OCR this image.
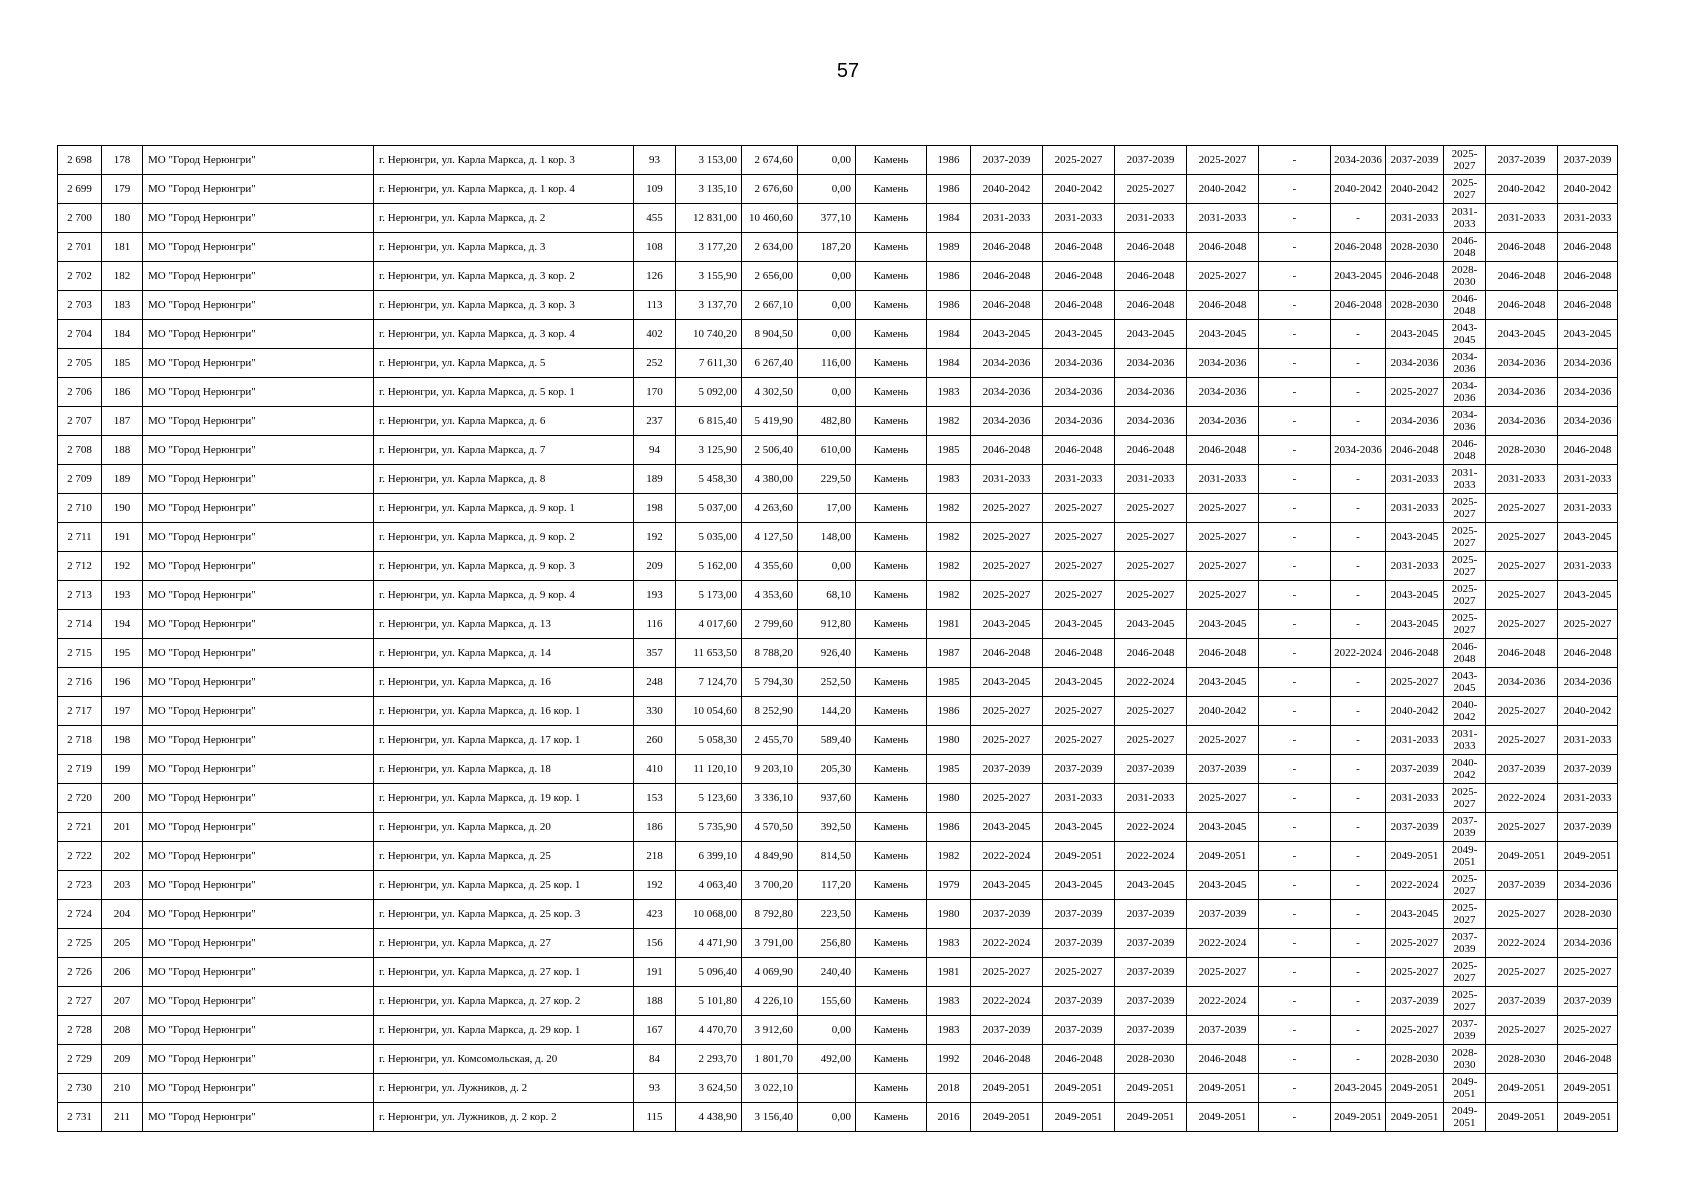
57
2 698	178	МО "Город Нерюнгри"	г. Нерюнгри, ул. Карла Маркса, д. 1 кор. 3	93	3 153,00	2 674,60	0,00	Камень	1986	2037-2039	2025-2027	2037-2039	2025-2027	-	2034-2036	2037-2039	2025-2027	2037-2039	2037-2039
2 699	179	МО "Город Нерюнгри"	г. Нерюнгри, ул. Карла Маркса, д. 1 кор. 4	109	3 135,10	2 676,60	0,00	Камень	1986	2040-2042	2040-2042	2025-2027	2040-2042	-	2040-2042	2040-2042	2025-2027	2040-2042	2040-2042
2 700	180	МО "Город Нерюнгри"	г. Нерюнгри, ул. Карла Маркса, д. 2	455	12 831,00	10 460,60	377,10	Камень	1984	2031-2033	2031-2033	2031-2033	2031-2033	-	-	2031-2033	2031-2033	2031-2033	2031-2033
2 701	181	МО "Город Нерюнгри"	г. Нерюнгри, ул. Карла Маркса, д. 3	108	3 177,20	2 634,00	187,20	Камень	1989	2046-2048	2046-2048	2046-2048	2046-2048	-	2046-2048	2028-2030	2046-2048	2046-2048	2046-2048
2 702	182	МО "Город Нерюнгри"	г. Нерюнгри, ул. Карла Маркса, д. 3 кор. 2	126	3 155,90	2 656,00	0,00	Камень	1986	2046-2048	2046-2048	2046-2048	2025-2027	-	2043-2045	2046-2048	2028-2030	2046-2048	2046-2048
2 703	183	МО "Город Нерюнгри"	г. Нерюнгри, ул. Карла Маркса, д. 3 кор. 3	113	3 137,70	2 667,10	0,00	Камень	1986	2046-2048	2046-2048	2046-2048	2046-2048	-	2046-2048	2028-2030	2046-2048	2046-2048	2046-2048
2 704	184	МО "Город Нерюнгри"	г. Нерюнгри, ул. Карла Маркса, д. 3 кор. 4	402	10 740,20	8 904,50	0,00	Камень	1984	2043-2045	2043-2045	2043-2045	2043-2045	-	-	2043-2045	2043-2045	2043-2045	2043-2045
2 705	185	МО "Город Нерюнгри"	г. Нерюнгри, ул. Карла Маркса, д. 5	252	7 611,30	6 267,40	116,00	Камень	1984	2034-2036	2034-2036	2034-2036	2034-2036	-	-	2034-2036	2034-2036	2034-2036	2034-2036
2 706	186	МО "Город Нерюнгри"	г. Нерюнгри, ул. Карла Маркса, д. 5 кор. 1	170	5 092,00	4 302,50	0,00	Камень	1983	2034-2036	2034-2036	2034-2036	2034-2036	-	-	2025-2027	2034-2036	2034-2036	2034-2036
2 707	187	МО "Город Нерюнгри"	г. Нерюнгри, ул. Карла Маркса, д. 6	237	6 815,40	5 419,90	482,80	Камень	1982	2034-2036	2034-2036	2034-2036	2034-2036	-	-	2034-2036	2034-2036	2034-2036	2034-2036
2 708	188	МО "Город Нерюнгри"	г. Нерюнгри, ул. Карла Маркса, д. 7	94	3 125,90	2 506,40	610,00	Камень	1985	2046-2048	2046-2048	2046-2048	2046-2048	-	2034-2036	2046-2048	2046-2048	2028-2030	2046-2048
2 709	189	МО "Город Нерюнгри"	г. Нерюнгри, ул. Карла Маркса, д. 8	189	5 458,30	4 380,00	229,50	Камень	1983	2031-2033	2031-2033	2031-2033	2031-2033	-	-	2031-2033	2031-2033	2031-2033	2031-2033
2 710	190	МО "Город Нерюнгри"	г. Нерюнгри, ул. Карла Маркса, д. 9 кор. 1	198	5 037,00	4 263,60	17,00	Камень	1982	2025-2027	2025-2027	2025-2027	2025-2027	-	-	2031-2033	2025-2027	2025-2027	2031-2033
2 711	191	МО "Город Нерюнгри"	г. Нерюнгри, ул. Карла Маркса, д. 9 кор. 2	192	5 035,00	4 127,50	148,00	Камень	1982	2025-2027	2025-2027	2025-2027	2025-2027	-	-	2043-2045	2025-2027	2025-2027	2043-2045
2 712	192	МО "Город Нерюнгри"	г. Нерюнгри, ул. Карла Маркса, д. 9 кор. 3	209	5 162,00	4 355,60	0,00	Камень	1982	2025-2027	2025-2027	2025-2027	2025-2027	-	-	2031-2033	2025-2027	2025-2027	2031-2033
2 713	193	МО "Город Нерюнгри"	г. Нерюнгри, ул. Карла Маркса, д. 9 кор. 4	193	5 173,00	4 353,60	68,10	Камень	1982	2025-2027	2025-2027	2025-2027	2025-2027	-	-	2043-2045	2025-2027	2025-2027	2043-2045
2 714	194	МО "Город Нерюнгри"	г. Нерюнгри, ул. Карла Маркса, д. 13	116	4 017,60	2 799,60	912,80	Камень	1981	2043-2045	2043-2045	2043-2045	2043-2045	-	-	2043-2045	2025-2027	2025-2027	2025-2027
2 715	195	МО "Город Нерюнгри"	г. Нерюнгри, ул. Карла Маркса, д. 14	357	11 653,50	8 788,20	926,40	Камень	1987	2046-2048	2046-2048	2046-2048	2046-2048	-	2022-2024	2046-2048	2046-2048	2046-2048	2046-2048
2 716	196	МО "Город Нерюнгри"	г. Нерюнгри, ул. Карла Маркса, д. 16	248	7 124,70	5 794,30	252,50	Камень	1985	2043-2045	2043-2045	2022-2024	2043-2045	-	-	2025-2027	2043-2045	2034-2036	2034-2036
2 717	197	МО "Город Нерюнгри"	г. Нерюнгри, ул. Карла Маркса, д. 16 кор. 1	330	10 054,60	8 252,90	144,20	Камень	1986	2025-2027	2025-2027	2025-2027	2040-2042	-	-	2040-2042	2040-2042	2025-2027	2040-2042
2 718	198	МО "Город Нерюнгри"	г. Нерюнгри, ул. Карла Маркса, д. 17 кор. 1	260	5 058,30	2 455,70	589,40	Камень	1980	2025-2027	2025-2027	2025-2027	2025-2027	-	-	2031-2033	2031-2033	2025-2027	2031-2033
2 719	199	МО "Город Нерюнгри"	г. Нерюнгри, ул. Карла Маркса, д. 18	410	11 120,10	9 203,10	205,30	Камень	1985	2037-2039	2037-2039	2037-2039	2037-2039	-	-	2037-2039	2040-2042	2037-2039	2037-2039
2 720	200	МО "Город Нерюнгри"	г. Нерюнгри, ул. Карла Маркса, д. 19 кор. 1	153	5 123,60	3 336,10	937,60	Камень	1980	2025-2027	2031-2033	2031-2033	2025-2027	-	-	2031-2033	2025-2027	2022-2024	2031-2033
2 721	201	МО "Город Нерюнгри"	г. Нерюнгри, ул. Карла Маркса, д. 20	186	5 735,90	4 570,50	392,50	Камень	1986	2043-2045	2043-2045	2022-2024	2043-2045	-	-	2037-2039	2037-2039	2025-2027	2037-2039
2 722	202	МО "Город Нерюнгри"	г. Нерюнгри, ул. Карла Маркса, д. 25	218	6 399,10	4 849,90	814,50	Камень	1982	2022-2024	2049-2051	2022-2024	2049-2051	-	-	2049-2051	2049-2051	2049-2051	2049-2051
2 723	203	МО "Город Нерюнгри"	г. Нерюнгри, ул. Карла Маркса, д. 25 кор. 1	192	4 063,40	3 700,20	117,20	Камень	1979	2043-2045	2043-2045	2043-2045	2043-2045	-	-	2022-2024	2025-2027	2037-2039	2034-2036
2 724	204	МО "Город Нерюнгри"	г. Нерюнгри, ул. Карла Маркса, д. 25 кор. 3	423	10 068,00	8 792,80	223,50	Камень	1980	2037-2039	2037-2039	2037-2039	2037-2039	-	-	2043-2045	2025-2027	2025-2027	2028-2030
2 725	205	МО "Город Нерюнгри"	г. Нерюнгри, ул. Карла Маркса, д. 27	156	4 471,90	3 791,00	256,80	Камень	1983	2022-2024	2037-2039	2037-2039	2022-2024	-	-	2025-2027	2037-2039	2022-2024	2034-2036
2 726	206	МО "Город Нерюнгри"	г. Нерюнгри, ул. Карла Маркса, д. 27 кор. 1	191	5 096,40	4 069,90	240,40	Камень	1981	2025-2027	2025-2027	2037-2039	2025-2027	-	-	2025-2027	2025-2027	2025-2027	2025-2027
2 727	207	МО "Город Нерюнгри"	г. Нерюнгри, ул. Карла Маркса, д. 27 кор. 2	188	5 101,80	4 226,10	155,60	Камень	1983	2022-2024	2037-2039	2037-2039	2022-2024	-	-	2037-2039	2025-2027	2037-2039	2037-2039
2 728	208	МО "Город Нерюнгри"	г. Нерюнгри, ул. Карла Маркса, д. 29 кор. 1	167	4 470,70	3 912,60	0,00	Камень	1983	2037-2039	2037-2039	2037-2039	2037-2039	-	-	2025-2027	2037-2039	2025-2027	2025-2027
2 729	209	МО "Город Нерюнгри"	г. Нерюнгри, ул. Комсомольская, д. 20	84	2 293,70	1 801,70	492,00	Камень	1992	2046-2048	2046-2048	2028-2030	2046-2048	-	-	2028-2030	2028-2030	2028-2030	2046-2048
2 730	210	МО "Город Нерюнгри"	г. Нерюнгри, ул. Лужников, д. 2	93	3 624,50	3 022,10		Камень	2018	2049-2051	2049-2051	2049-2051	2049-2051	-	2043-2045	2049-2051	2049-2051	2049-2051	2049-2051
2 731	211	МО "Город Нерюнгри"	г. Нерюнгри, ул. Лужников, д. 2 кор. 2	115	4 438,90	3 156,40	0,00	Камень	2016	2049-2051	2049-2051	2049-2051	2049-2051	-	2049-2051	2049-2051	2049-2051	2049-2051	2049-2051
